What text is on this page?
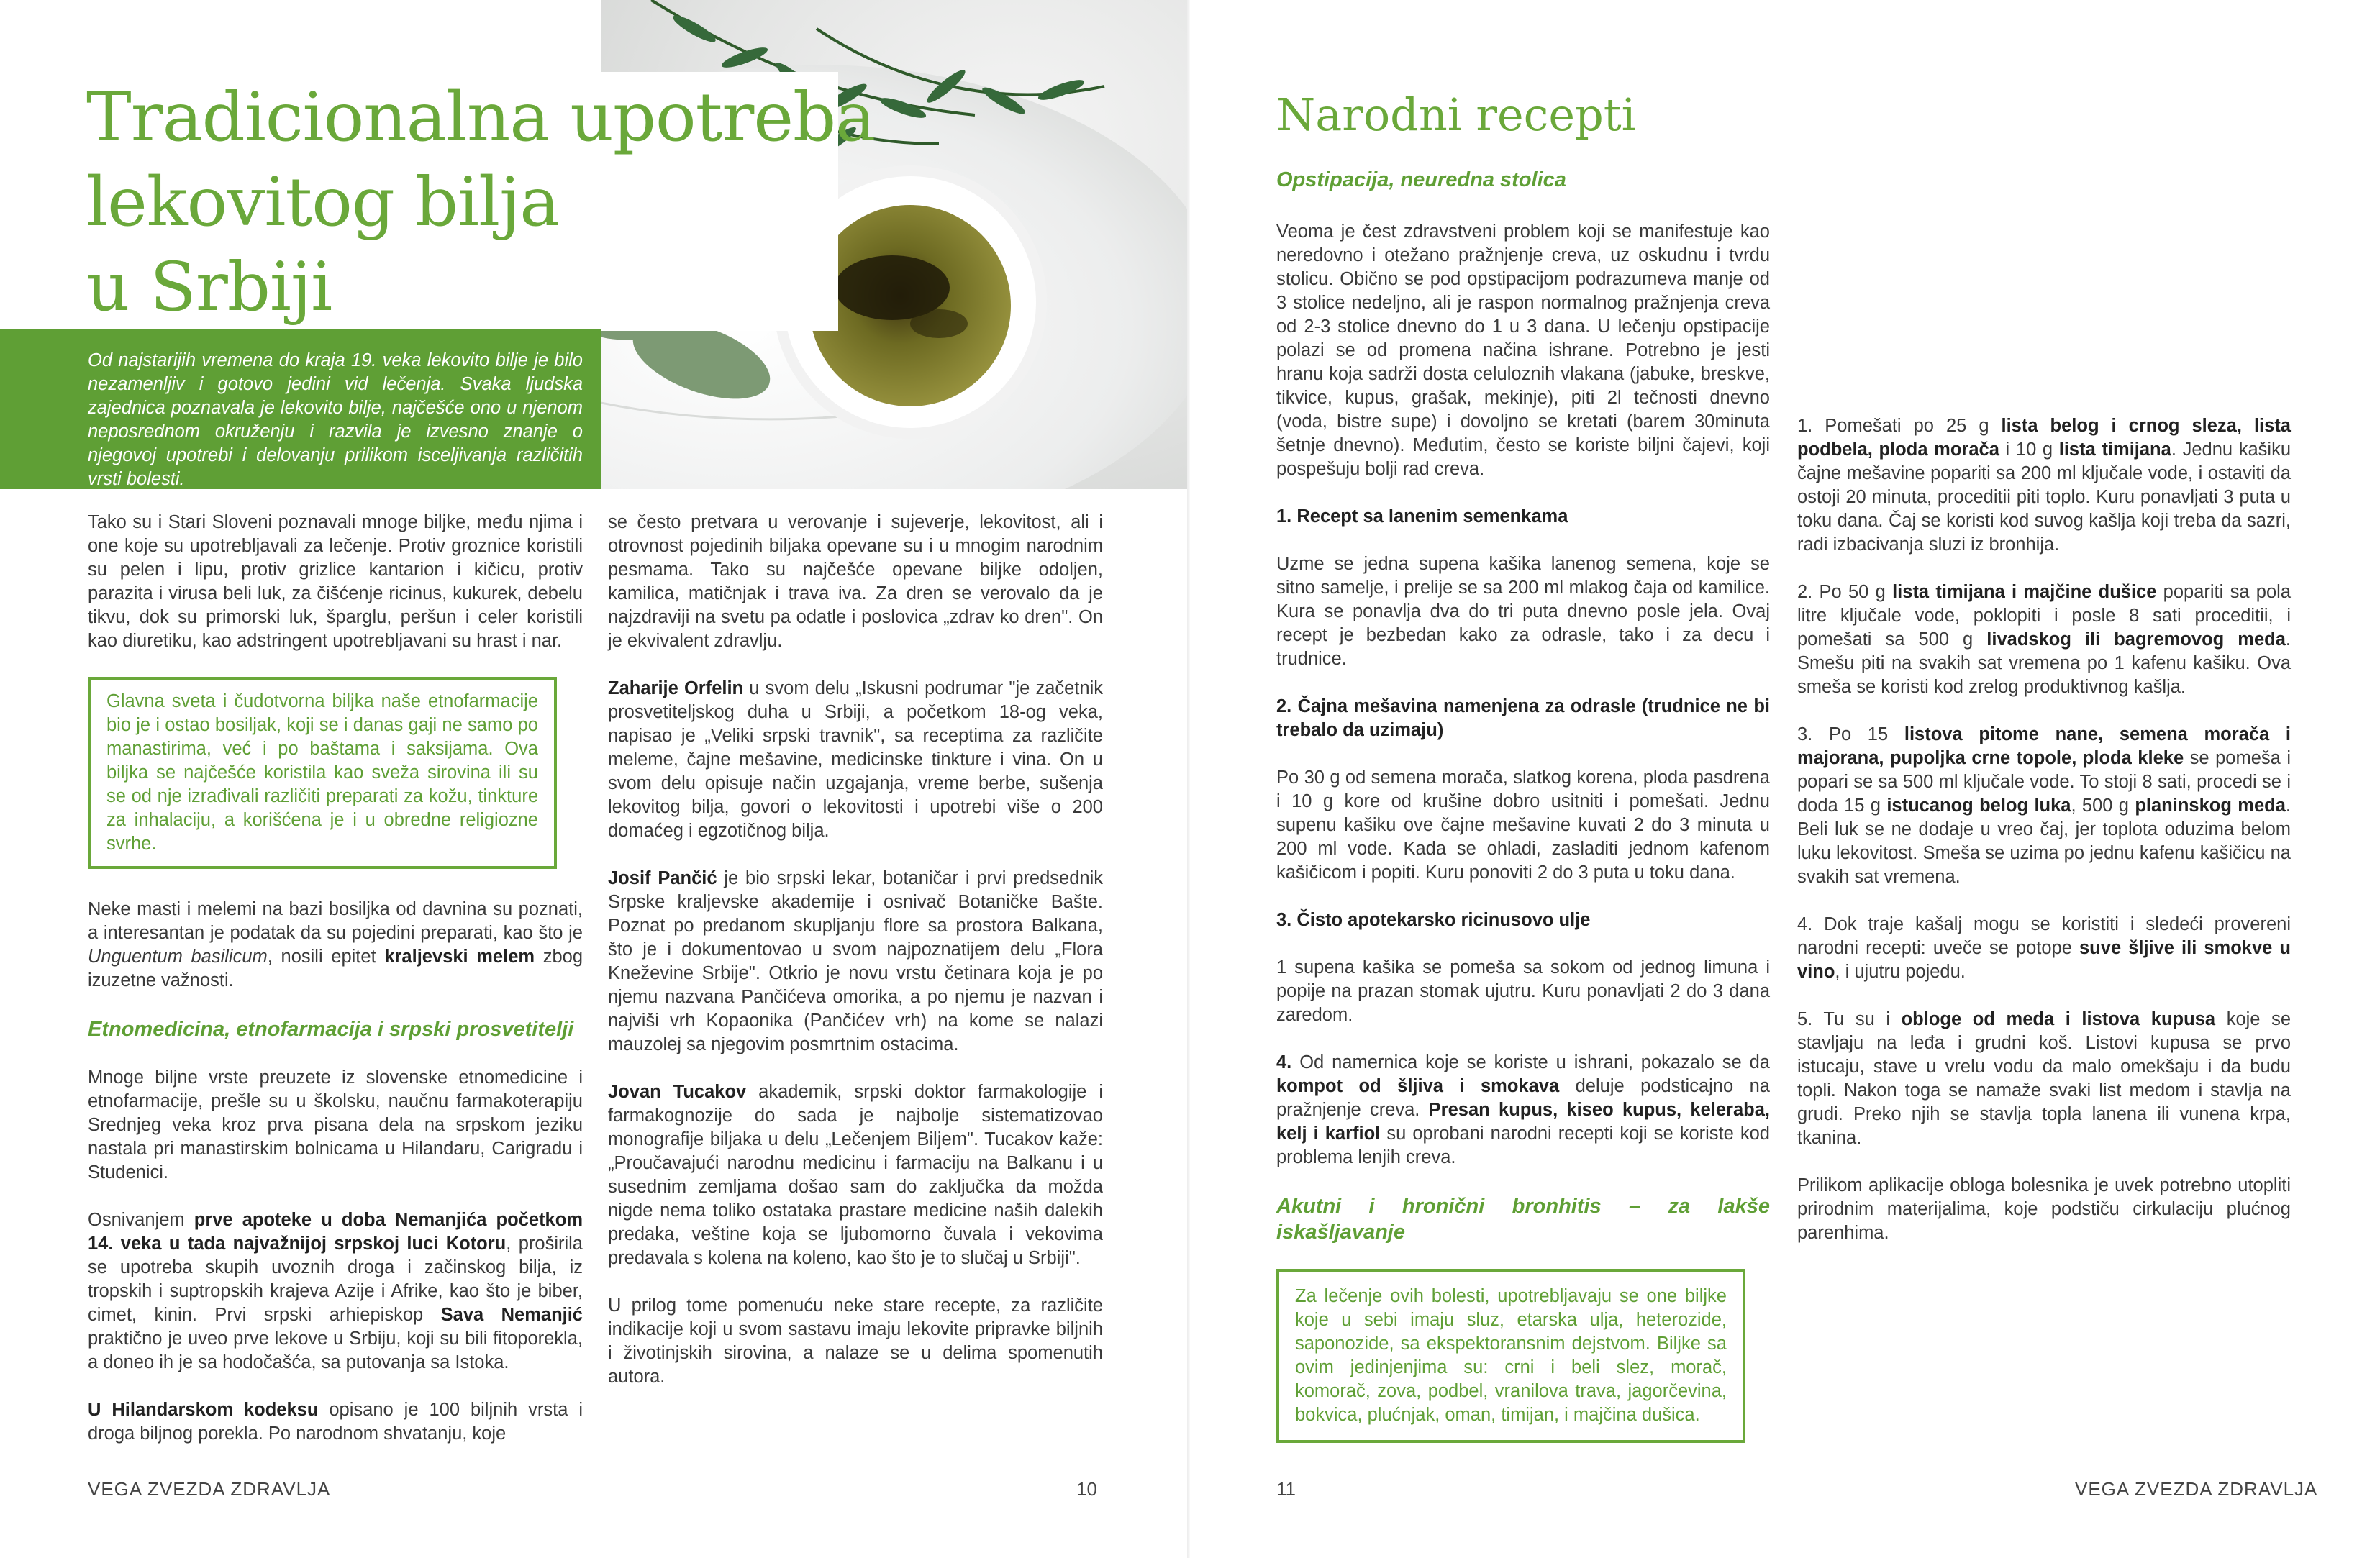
Tradicionalna upotreba
lekovitog bilja
u Srbiji

Od najstarijih vremena do kraja 19. veka lekovito bilje je bilo nezamenljiv i gotovo jedini vid lečenja. Svaka ljudska zajednica poznavala je lekovito bilje, najčešće ono u njenom neposrednom okruženju i razvila je izvesno znanje o njegovoj upotrebi i delovanju prilikom isceljivanja različitih vrsti bolesti.

Tako su i Stari Sloveni poznavali mnoge biljke, među njima i one koje su upotrebljavali za lečenje. Protiv groznice koristili su pelen i lipu, protiv grizlice kantarion i kičicu, protiv parazita i virusa beli luk, za čišćenje ricinus, kukurek, debelu tikvu, dok su primorski luk, šparglu, peršun i celer koristili kao diuretiku, kao adstringent upotrebljavani su hrast i nar.

Glavna sveta i čudotvorna biljka naše etnofarmacije bio je i ostao bosiljak, koji se i danas gaji ne samo po manastirima, već i po baštama i saksijama. Ova biljka se najčešće koristila kao sveža sirovina ili su se od nje izrađivali različiti preparati za kožu, tinkture za inhalaciju, a korišćena je i u obredne religiozne svrhe.

Neke masti i melemi na bazi bosiljka od davnina su poznati, a interesantan je podatak da su pojedini preparati, kao što je Unguentum basilicum, nosili epitet kraljevski melem zbog izuzetne važnosti.

Etnomedicina, etnofarmacija i srpski prosvetitelji

Mnoge biljne vrste preuzete iz slovenske etnomedicine i etnofarmacije, prešle su u školsku, naučnu farmakoterapiju Srednjeg veka kroz prva pisana dela na srpskom jeziku nastala pri manastirskim bolnicama u Hilandaru, Carigradu i Studenici.

Osnivanjem prve apoteke u doba Nemanjića početkom 14. veka u tada najvažnijoj srpskoj luci Kotoru, proširila se upotreba skupih uvoznih droga i začinskog bilja, iz tropskih i suptropskih krajeva Azije i Afrike, kao što je biber, cimet, kinin. Prvi srpski arhiepiskop Sava Nemanjić praktično je uveo prve lekove u Srbiju, koji su bili fitoporekla, a doneo ih je sa hodočašća, sa putovanja sa Istoka.

U Hilandarskom kodeksu opisano je 100 biljnih vrsta i droga biljnog porekla. Po narodnom shvatanju, koje

se često pretvara u verovanje i sujeverje, lekovitost, ali i otrovnost pojedinih biljaka opevane su i u mnogim narodnim pesmama. Tako su najčešće opevane biljke odoljen, kamilica, matičnjak i trava iva. Za dren se verovalo da je najzdraviji na svetu pa odatle i poslovica „zdrav ko dren". On je ekvivalent zdravlju.

Zaharije Orfelin u svom delu „Iskusni podrumar "je začetnik prosvetiteljskog duha u Srbiji, a početkom 18-og veka, napisao je „Veliki srpski travnik", sa receptima za različite meleme, čajne mešavine, medicinske tinkture i vina. On u svom delu opisuje način uzgajanja, vreme berbe, sušenja lekovitog bilja, govori o lekovitosti i upotrebi više o 200 domaćeg i egzotičnog bilja.

Josif Pančić je bio srpski lekar, botaničar i prvi predsednik Srpske kraljevske akademije i osnivač Botaničke Bašte. Poznat po predanom skupljanju flore sa prostora Balkana, što je i dokumentovao u svom najpoznatijem delu „Flora Kneževine Srbije". Otkrio je novu vrstu četinara koja je po njemu nazvana Pančićeva omorika, a po njemu je nazvan i najviši vrh Kopaonika (Pančićev vrh) na kome se nalazi mauzolej sa njegovim posmrtnim ostacima.

Jovan Tucakov akademik, srpski doktor farmakologije i farmakognozije do sada je najbolje sistematizovao monografije biljaka u delu „Lečenjem Biljem". Tucakov kaže: „Proučavajući narodnu medicinu i farmaciju na Balkanu i u susednim zemljama došao sam do zaključka da možda nigde nema toliko ostataka prastare medicine naših dalekih predaka, veštine koja se ljubomorno čuvala i vekovima predavala s kolena na koleno, kao što je to slučaj u Srbiji".

U prilog tome pomenuću neke stare recepte, za različite indikacije koji u svom sastavu imaju lekovite pripravke biljnih i životinjskih sirovina, a nalaze se u delima spomenutih autora.

VEGA ZVEZDA ZDRAVLJA	10
Narodni recepti
Opstipacija, neuredna stolica

Veoma je čest zdravstveni problem koji se manifestuje kao neredovno i otežano pražnjenje creva, uz oskudnu i tvrdu stolicu. Obično se pod opstipacijom podrazumeva manje od 3 stolice nedeljno, ali je raspon normalnog pražnjenja creva od 2-3 stolice dnevno do 1 u 3 dana. U lečenju opstipacije polazi se od promena načina ishrane. Potrebno je jesti hranu koja sadrži dosta celuloznih vlakana (jabuke, breskve, tikvice, kupus, grašak, mekinje), piti 2l tečnosti dnevno (voda, bistre supe) i dovoljno se kretati (barem 30minuta šetnje dnevno). Međutim, često se koriste biljni čajevi, koji pospešuju bolji rad creva.

1. Recept sa lanenim semenkama

Uzme se jedna supena kašika lanenog semena, koje se sitno samelje, i prelije se sa 200 ml mlakog čaja od kamilice. Kura se ponavlja dva do tri puta dnevno posle jela. Ovaj recept je bezbedan kako za odrasle, tako i za decu i trudnice.

2. Čajna mešavina namenjena za odrasle (trudnice ne bi trebalo da uzimaju)

Po 30 g od semena morača, slatkog korena, ploda pasdrena i 10 g kore od krušine dobro usitniti i pomešati. Jednu supenu kašiku ove čajne mešavine kuvati 2 do 3 minuta u 200 ml vode. Kada se ohladi, zasladiti jednom kafenom kašičicom i popiti. Kuru ponoviti 2 do 3 puta u toku dana.

3. Čisto apotekarsko ricinusovo ulje

1 supena kašika se pomeša sa sokom od jednog limuna i popije na prazan stomak ujutru. Kuru ponavljati 2 do 3 dana zaredom.

4. Od namernica koje se koriste u ishrani, pokazalo se da kompot od šljiva i smokava deluje podsticajno na pražnjenje creva. Presan kupus, kiseo kupus, keleraba, kelj i karfiol su oprobani narodni recepti koji se koriste kod problema lenjih creva.

Akutni i hronični bronhitis – za lakše iskašljavanje
Za lečenje ovih bolesti, upotrebljavaju se one biljke koje u sebi imaju sluz, etarska ulja, heterozide, saponozide, sa ekspektoransnim dejstvom. Biljke sa ovim jedinjenjima su: crni i beli slez, morač, komorač, zova, podbel, vranilova trava, jagorčevina, bokvica, plućnjak, oman, timijan, i majčina dušica.

1. Pomešati po 25 g lista belog i crnog sleza, lista podbela, ploda morača i 10 g lista timijana. Jednu kašiku čajne mešavine popariti sa 200 ml ključale vode, i ostaviti da ostoji 20 minuta, proceditii piti toplo. Kuru ponavljati 3 puta u toku dana. Čaj se koristi kod suvog kašlja koji treba da sazri, radi izbacivanja sluzi iz bronhija.

2. Po 50 g lista timijana i majčine dušice popariti sa pola litre ključale vode, poklopiti i posle 8 sati proceditii, i pomešati sa 500 g livadskog ili bagremovog meda. Smešu piti na svakih sat vremena po 1 kafenu kašiku. Ova smeša se koristi kod zrelog produktivnog kašlja.

3. Po 15 listova pitome nane, semena morača i majorana, pupoljka crne topole, ploda kleke se pomeša i popari se sa 500 ml ključale vode. To stoji 8 sati, procedi se i doda 15 g istucanog belog luka, 500 g planinskog meda. Beli luk se ne dodaje u vreo čaj, jer toplota oduzima belom luku lekovitost. Smeša se uzima po jednu kafenu kašičicu na svakih sat vremena.

4. Dok traje kašalj mogu se koristiti i sledeći provereni narodni recepti: uveče se potope suve šljive ili smokve u vino, i ujutru pojedu.

5. Tu su i obloge od meda i listova kupusa koje se stavljaju na leđa i grudni koš. Listovi kupusa se prvo istucaju, stave u vrelu vodu da malo omekšaju i da budu topli. Nakon toga se namaže svaki list medom i stavlja na grudi. Preko njih se stavlja topla lanena ili vunena krpa, tkanina.

Prilikom aplikacije obloga bolesnika je uvek potrebno utopliti prirodnim materijalima, koje podstiču cirkulaciju plućnog parenhima.

11	VEGA ZVEZDA ZDRAVLJA
